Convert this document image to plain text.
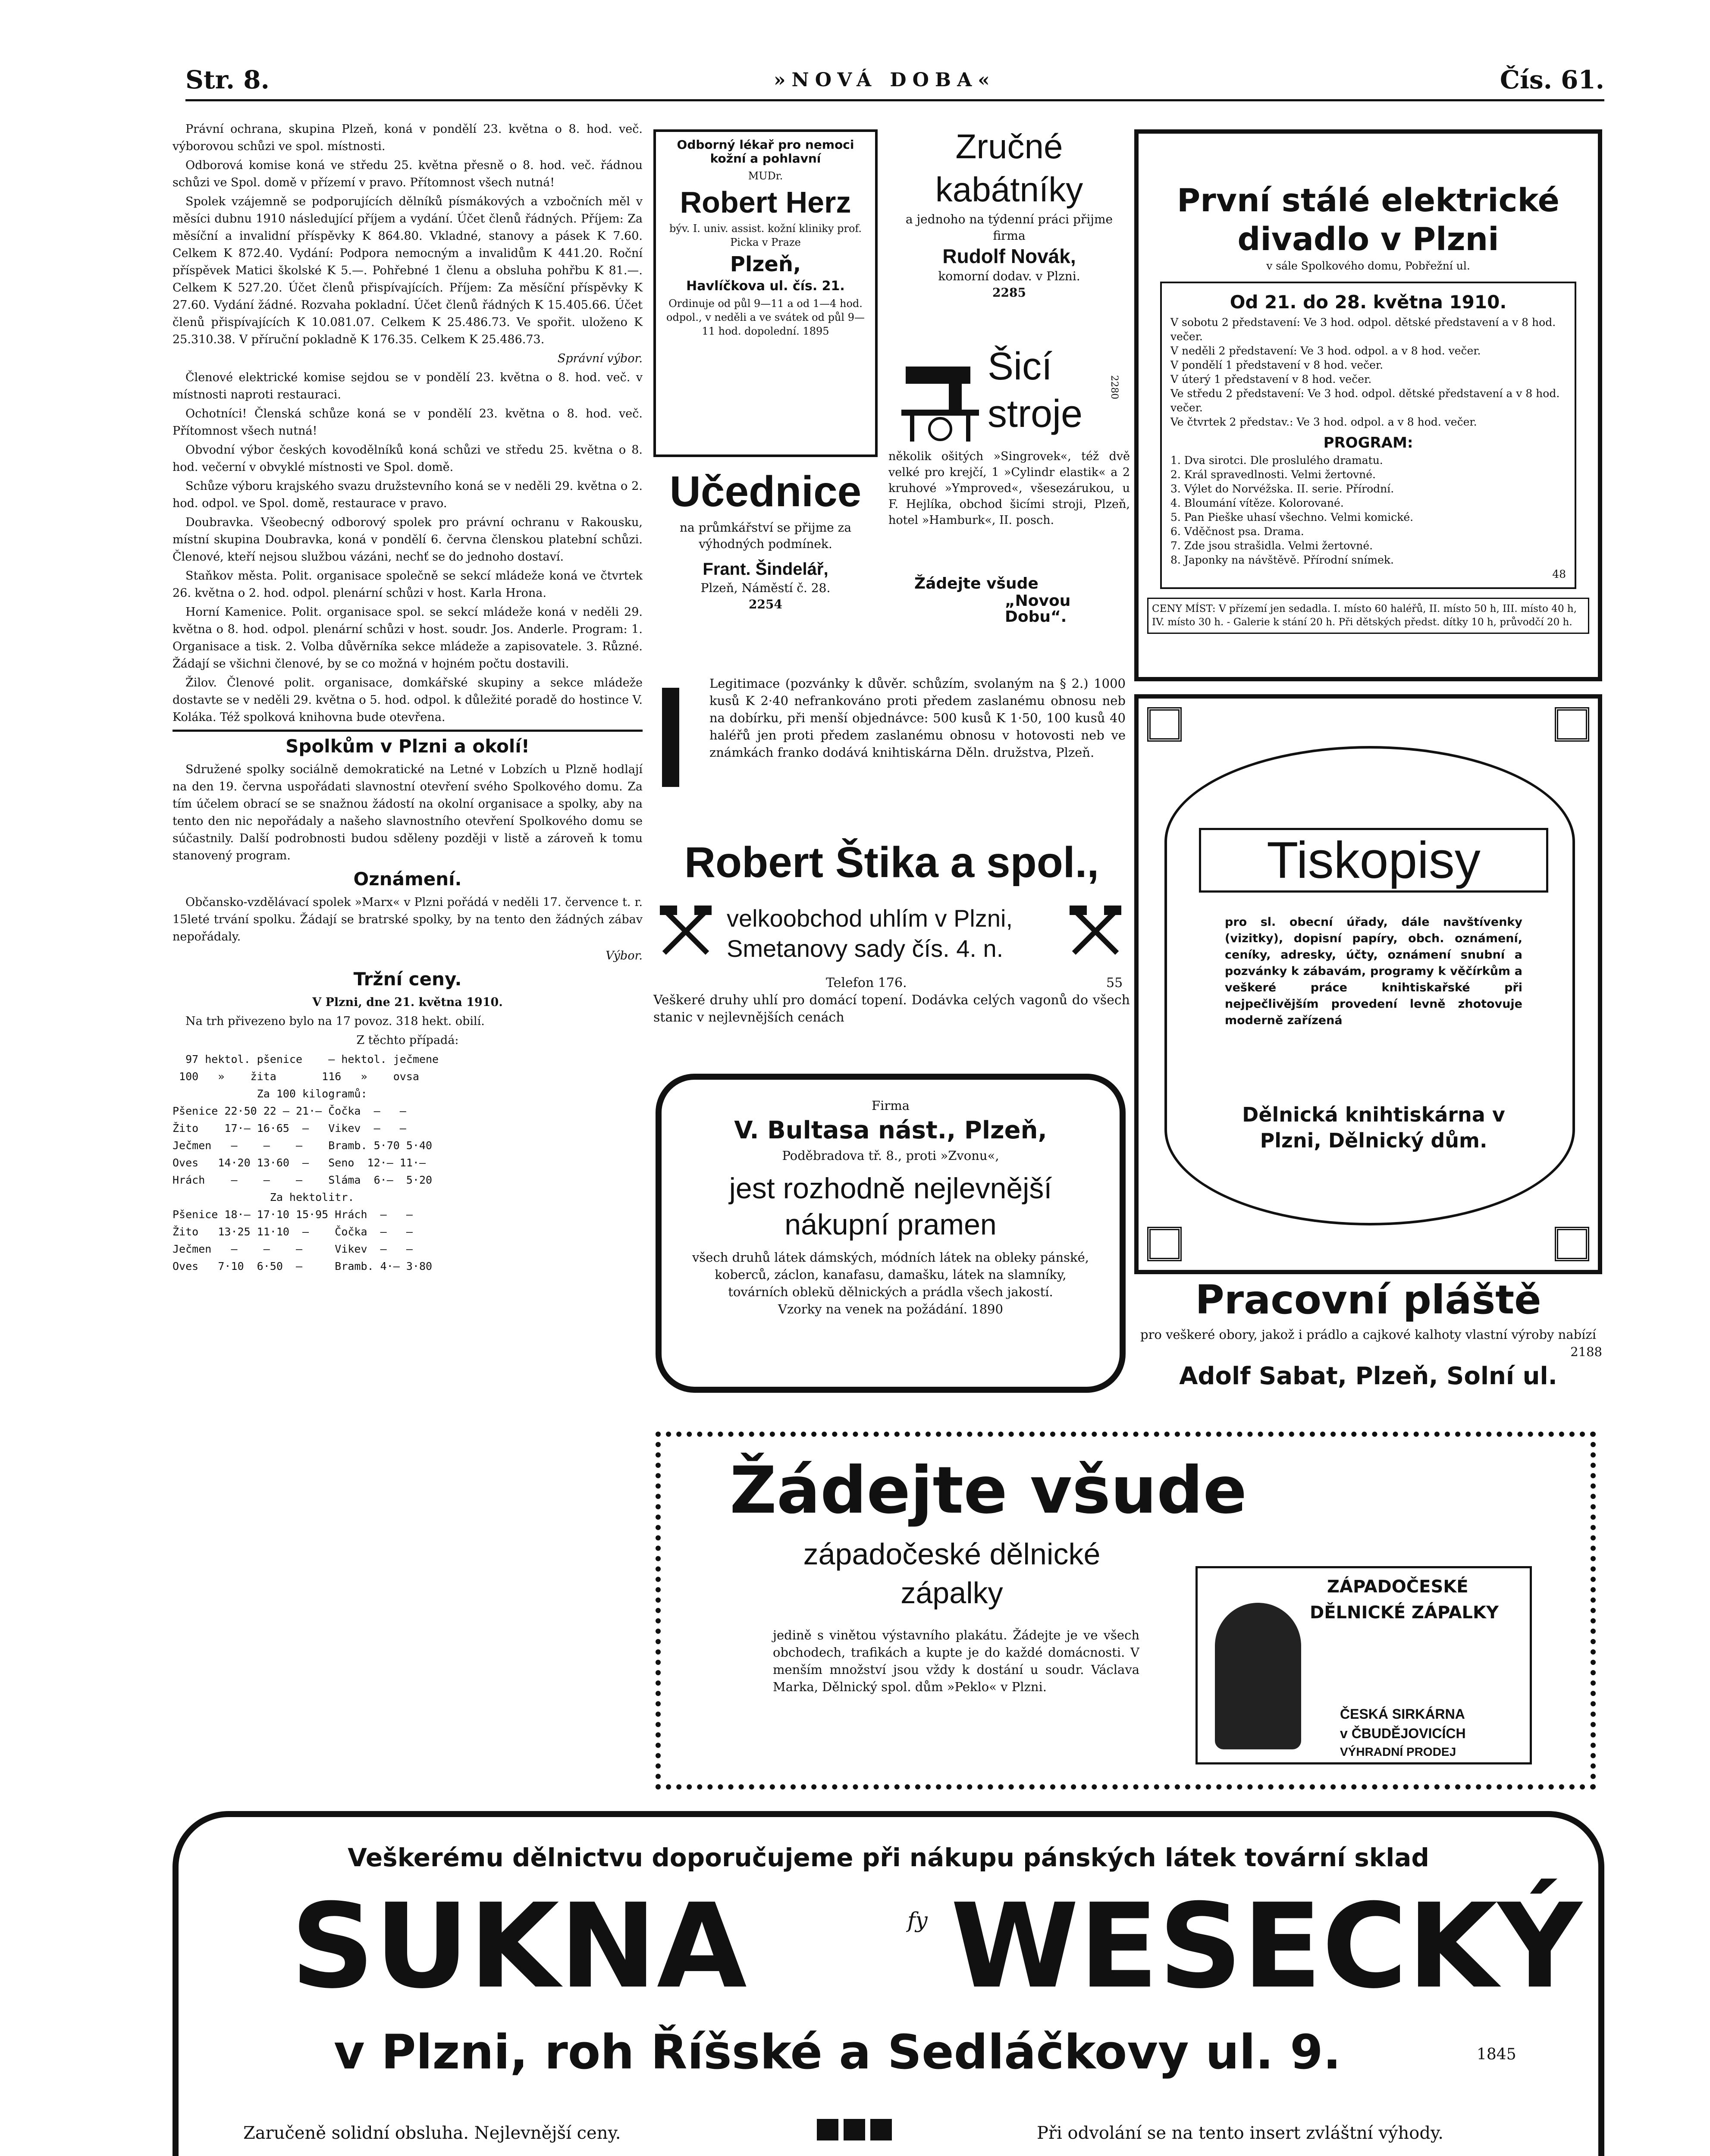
Str. 8.	»NOVÁ DOBA«	Čís. 61.

Právní ochrana, skupina Plzeň, koná v pondělí 23. května o 8. hod. več. výborovou schůzi ve spol. místnosti.

Odborová komise koná ve středu 25. května přesně o 8. hod. več. řádnou schůzi ve Spol. domě v přízemí v pravo. Přítomnost všech nutná!

Spolek vzájemně se podporujících dělníků písmákových a vzbočních měl v měsíci dubnu 1910 následující příjem a vydání. Účet členů řádných. Příjem: Za měsíční a invalidní příspěvky K 864.80. Vkladné, stanovy a pásek K 7.60. Celkem K 872.40. Vydání: Podpora nemocným a invalidům K 441.20. Roční příspěvek Matici školské K 5.—. Pohřebné 1 členu a obsluha pohřbu K 81.—. Celkem K 527.20. Účet členů přispívajících. Příjem: Za měsíční příspěvky K 27.60. Vydání žádné. Rozvaha pokladní. Účet členů řádných K 15.405.66. Účet členů přispívajících K 10.081.07. Celkem K 25.486.73. Ve spořit. uloženo K 25.310.38. V příruční pokladně K 176.35. Celkem K 25.486.73.

Správní výbor.

Členové elektrické komise sejdou se v pondělí 23. května o 8. hod. več. v místnosti naproti restauraci.

Ochotníci! Členská schůze koná se v pondělí 23. května o 8. hod. več. Přítomnost všech nutná!

Obvodní výbor českých kovodělníků koná schůzi ve středu 25. května o 8. hod. večerní v obvyklé místnosti ve Spol. domě.

Schůze výboru krajského svazu družstevního koná se v neděli 29. května o 2. hod. odpol. ve Spol. domě, restaurace v pravo.

Doubravka. Všeobecný odborový spolek pro právní ochranu v Rakousku, místní skupina Doubravka, koná v pondělí 6. června členskou platební schůzi. Členové, kteří nejsou službou vázáni, nechť se do jednoho dostaví.

Staňkov města. Polit. organisace společně se sekcí mládeže koná ve čtvrtek 26. května o 2. hod. odpol. plenární schůzi v host. Karla Hrona.

Horní Kamenice. Polit. organisace spol. se sekcí mládeže koná v neděli 29. května o 8. hod. odpol. plenární schůzi v host. soudr. Jos. Anderle. Program: 1. Organisace a tisk. 2. Volba důvěrníka sekce mládeže a zapisovatele. 3. Různé. Žádají se všichni členové, by se co možná v hojném počtu dostavili.

Žilov. Členové polit. organisace, domkářské skupiny a sekce mládeže dostavte se v neděli 29. května o 5. hod. odpol. k důležité poradě do hostince V. Koláka. Též spolková knihovna bude otevřena.

Spolkům v Plzni a okolí!

Sdružené spolky sociálně demokratické na Letné v Lobzích u Plzně hodlají na den 19. června uspořádati slavnostní otevření svého Spolkového domu. Za tím účelem obrací se se snažnou žádostí na okolní organisace a spolky, aby na tento den nic nepořádaly a našeho slavnostního otevření Spolkového domu se súčastnily. Další podrobnosti budou sděleny později v listě a zároveň k tomu stanovený program.

Oznámení.

Občansko-vzdělávací spolek »Marx« v Plzni pořádá v neděli 17. července t. r. 15leté trvání spolku. Žádají se bratrské spolky, by na tento den žádných zábav nepořádaly.

Výbor.

Tržní ceny.

V Plzni, dne 21. května 1910.

Na trh přivezeno bylo na 17 povoz. 318 hekt. obilí.

Z těchto případá:

97 hektol. pšenice    — hektol. ječmene
100   »    žita       116   »    ovsa
Za 100 kilogramů:
Pšenice 22·50 22 — 21·— Čočka  —   —
Žito    17·— 16·65  —   Vikev  —   —
Ječmen   —    —    —    Bramb. 5·70 5·40
Oves   14·20 13·60  —   Seno  12·— 11·—
Hrách    —    —    —    Sláma  6·—  5·20
Za hektolitr.
Pšenice 18·— 17·10 15·95 Hrách  —   —
Žito   13·25 11·10  —    Čočka  —   —
Ječmen   —    —    —     Vikev  —   —
Oves   7·10  6·50  —     Bramb. 4·— 3·80
Odborný lékař pro nemoci kožní a pohlavní
MUDr.
Robert Herz
býv. I. univ. assist. kožní kliniky prof. Picka v Praze
Plzeň,
Havlíčkova ul. čís. 21.
Ordinuje od půl 9—11 a od 1—4 hod. odpol., v neděli a ve svátek od půl 9—11 hod. dopolední. 1895
Učednice
na průmkářství se přijme za výhodných podmínek.
Frant. Šindelář,
Plzeň, Náměstí č. 28.
2254
Zručné
kabátníky
a jednoho na týdenní práci přijme firma
Rudolf Novák,
komorní dodav. v Plzni.
2285
Šicí
stroje
2280
několik ošitých »Singrovek«, též dvě velké pro krejčí, 1 »Cylindr elastik« a 2 kruhové »Ymproved«, všesezárukou, u F. Hejlíka, obchod šicími stroji, Plzeň, hotel »Hamburk«, II. posch.
Žádejte všude
„Novou Dobu“.
Legitimace (pozvánky k důvěr. schůzím, svolaným na § 2.) 1000 kusů K 2·40 nefrankováno proti předem zaslanému obnosu neb na dobírku, při menší objednávce: 500 kusů K 1·50, 100 kusů 40 haléřů jen proti předem zaslanému obnosu v hotovosti neb ve známkách franko dodává knihtiskárna Děln. družstva, Plzeň.
Robert Štika a spol.,
velkoobchod uhlím v Plzni,
Smetanovy sady čís. 4. n.
Telefon 176.	55
Veškeré druhy uhlí pro domácí topení. Dodávka celých vagonů do všech stanic v nejlevnějších cenách
Firma
V. Bultasa nást., Plzeň,
Poděbradova tř. 8., proti »Zvonu«,
jest rozhodně nejlevnější nákupní pramen
všech druhů látek dámských, módních látek na obleky pánské, koberců, záclon, kanafasu, damašku, látek na slamníky, továrních oblekŭ dělnických a prádla všech jakostí.
Vzorky na venek na požádání. 1890
První stálé elektrické divadlo v Plzni
v sále Spolkového domu, Pobřežní ul.
Od 21. do 28. května 1910.
V sobotu 2 představení: Ve 3 hod. odpol. dětské představení a v 8 hod. večer.
V neděli 2 představení: Ve 3 hod. odpol. a v 8 hod. večer.
V pondělí 1 představení v 8 hod. večer.
V úterý 1 představení v 8 hod. večer.
Ve středu 2 představení: Ve 3 hod. odpol. dětské představení a v 8 hod. večer.
Ve čtvrtek 2 představ.: Ve 3 hod. odpol. a v 8 hod. večer.
PROGRAM:
1. Dva sirotci. Dle proslulého dramatu.
2. Král spravedlnosti. Velmi žertovné.
3. Výlet do Norvéžska. II. serie. Přírodní.
4. Bloumání vítěze. Kolorované.
5. Pan Pieške uhasí všechno. Velmi komické.
6. Vděčnost psa. Drama.
7. Zde jsou strašidla. Velmi žertovné.
8. Japonky na návštěvě. Přírodní snímek.
48
CENY MÍST: V přízemí jen sedadla. I. místo 60 haléřů, II. místo 50 h, III. místo 40 h, IV. místo 30 h. - Galerie k stání 20 h. Při dětských předst. dítky 10 h, průvodčí 20 h.
Tiskopisy
pro sl. obecní úřady, dále navštívenky (vizitky), dopisní papíry, obch. oznámení, ceníky, adresky, účty, oznámení snubní a pozvánky k zábavám, programy k věčírkům a veškeré práce knihtiskařské při nejpečlivějším provedení levně zhotovuje moderně zařízená
Dělnická knihtiskárna v Plzni, Dělnický dům.
Pracovní pláště
pro veškeré obory, jakož i prádlo a cajkové kalhoty vlastní výroby nabízí
2188
Adolf Sabat, Plzeň, Solní ul.
Žádejte všude
západočeské dělnické
zápalky
jedině s vinětou výstavního plakátu. Žádejte je ve všech obchodech, trafikách a kupte je do každé domácnosti. V menším množství jsou vždy k dostání u soudr. Václava Marka, Dělnický spol. dům »Peklo« v Plzni.
ZÁPADOČESKÉ
DĚLNICKÉ ZÁPALKY
ČESKÁ SIRKÁRNA
v ČBUDĚJOVICÍCH
VÝHRADNÍ PRODEJ
Veškerému dělnictvu doporučujeme při nákupu pánských látek tovární sklad
SUKNA	fy WESECKÝ
v Plzni, roh Říšské a Sedláčkovy ul. 9.	1845
Zaručeně solidní obsluha. Nejlevnější ceny.	Při odvolání se na tento insert zvláštní výhody.
